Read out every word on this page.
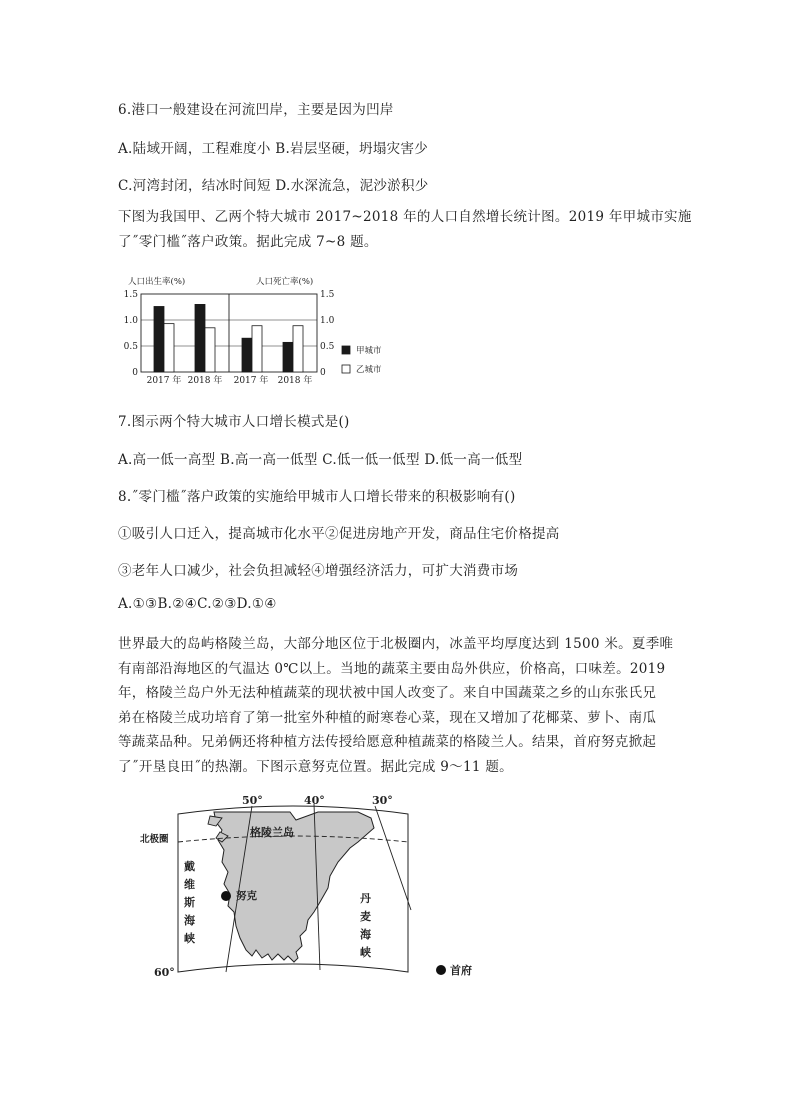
6.港口一般建设在河流凹岸，主要是因为凹岸
A.陆域开阔，工程难度小 B.岩层坚硬，坍塌灾害少
C.河湾封闭，结冰时间短 D.水深流急，泥沙淤积少
下图为我国甲、乙两个特大城市 2017~2018 年的人口自然增长统计图。2019 年甲城市实施
了˝零门槛˝落户政策。据此完成 7~8 题。
人口出生率(%)	人口死亡率(%)
1.5
1.0
0.5
0
1.5
1.0
0.5
0
2017 年 2018 年 2017 年 2018 年
甲城市
乙城市
7.图示两个特大城市人口增长模式是()
A.高一低一高型 B.高一高一低型 C.低一低一低型 D.低一高一低型
8.˝零门槛˝落户政策的实施给甲城市人口增长带来的积极影响有()
①吸引人口迁入，提高城市化水平②促进房地产开发，商品住宅价格提高
③老年人口减少，社会负担减轻④增强经济活力，可扩大消费市场
A.①③B.②④C.②③D.①④
世界最大的岛屿格陵兰岛，大部分地区位于北极圈内，冰盖平均厚度达到 1500 米。夏季唯
有南部沿海地区的气温达 0℃以上。当地的蔬菜主要由岛外供应，价格高，口味差。2019
年，格陵兰岛户外无法种植蔬菜的现状被中国人改变了。来自中国蔬菜之乡的山东张氏兄
弟在格陵兰成功培育了第一批室外种植的耐寒卷心菜，现在又增加了花椰菜、萝卜、南瓜
等蔬菜品种。兄弟俩还将种植方法传授给愿意种植蔬菜的格陵兰人。结果，首府努克掀起
了˝开垦良田˝的热潮。下图示意努克位置。据此完成 9～11 题。
50°	40°	30°
北极圈
格陵兰岛
戴
维
斯
海
峡
丹
麦
海
峡
努克
60°	首府
